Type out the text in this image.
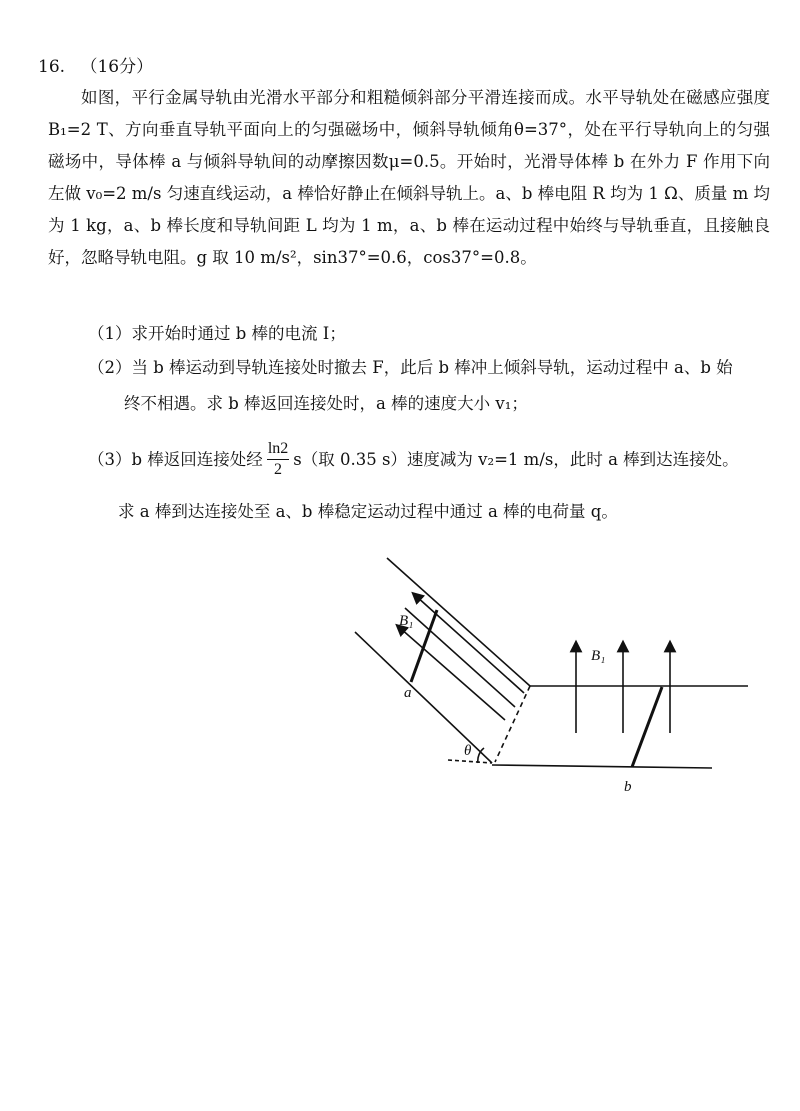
16. （16分）
如图，平行金属导轨由光滑水平部分和粗糙倾斜部分平滑连接而成。水平导轨处在磁感应强度 B₁=2 T、方向垂直导轨平面向上的匀强磁场中，倾斜导轨倾角θ=37°，处在平行导轨向上的匀强磁场中，导体棒 a 与倾斜导轨间的动摩擦因数μ=0.5。开始时，光滑导体棒 b 在外力 F 作用下向左做 v₀=2 m/s 匀速直线运动，a 棒恰好静止在倾斜导轨上。a、b 棒电阻 R 均为 1 Ω、质量 m 均为 1 kg，a、b 棒长度和导轨间距 L 均为 1 m，a、b 棒在运动过程中始终与导轨垂直，且接触良好，忽略导轨电阻。g 取 10 m/s²，sin37°=0.6，cos37°=0.8。
（1）求开始时通过 b 棒的电流 I；
（2）当 b 棒运动到导轨连接处时撤去 F，此后 b 棒冲上倾斜导轨，运动过程中 a、b 始
终不相遇。求 b 棒返回连接处时，a 棒的速度大小 v₁；
（3）b 棒返回连接处经 $\frac{\ln 2}{2} s$（取 0.35 s）速度减为 v₂=1 m/s，此时 a 棒到达连接处。
求 a 棒到达连接处至 a、b 棒稳定运动过程中通过 a 棒的电荷量 q。
B₁
B₁
a
b
θ
